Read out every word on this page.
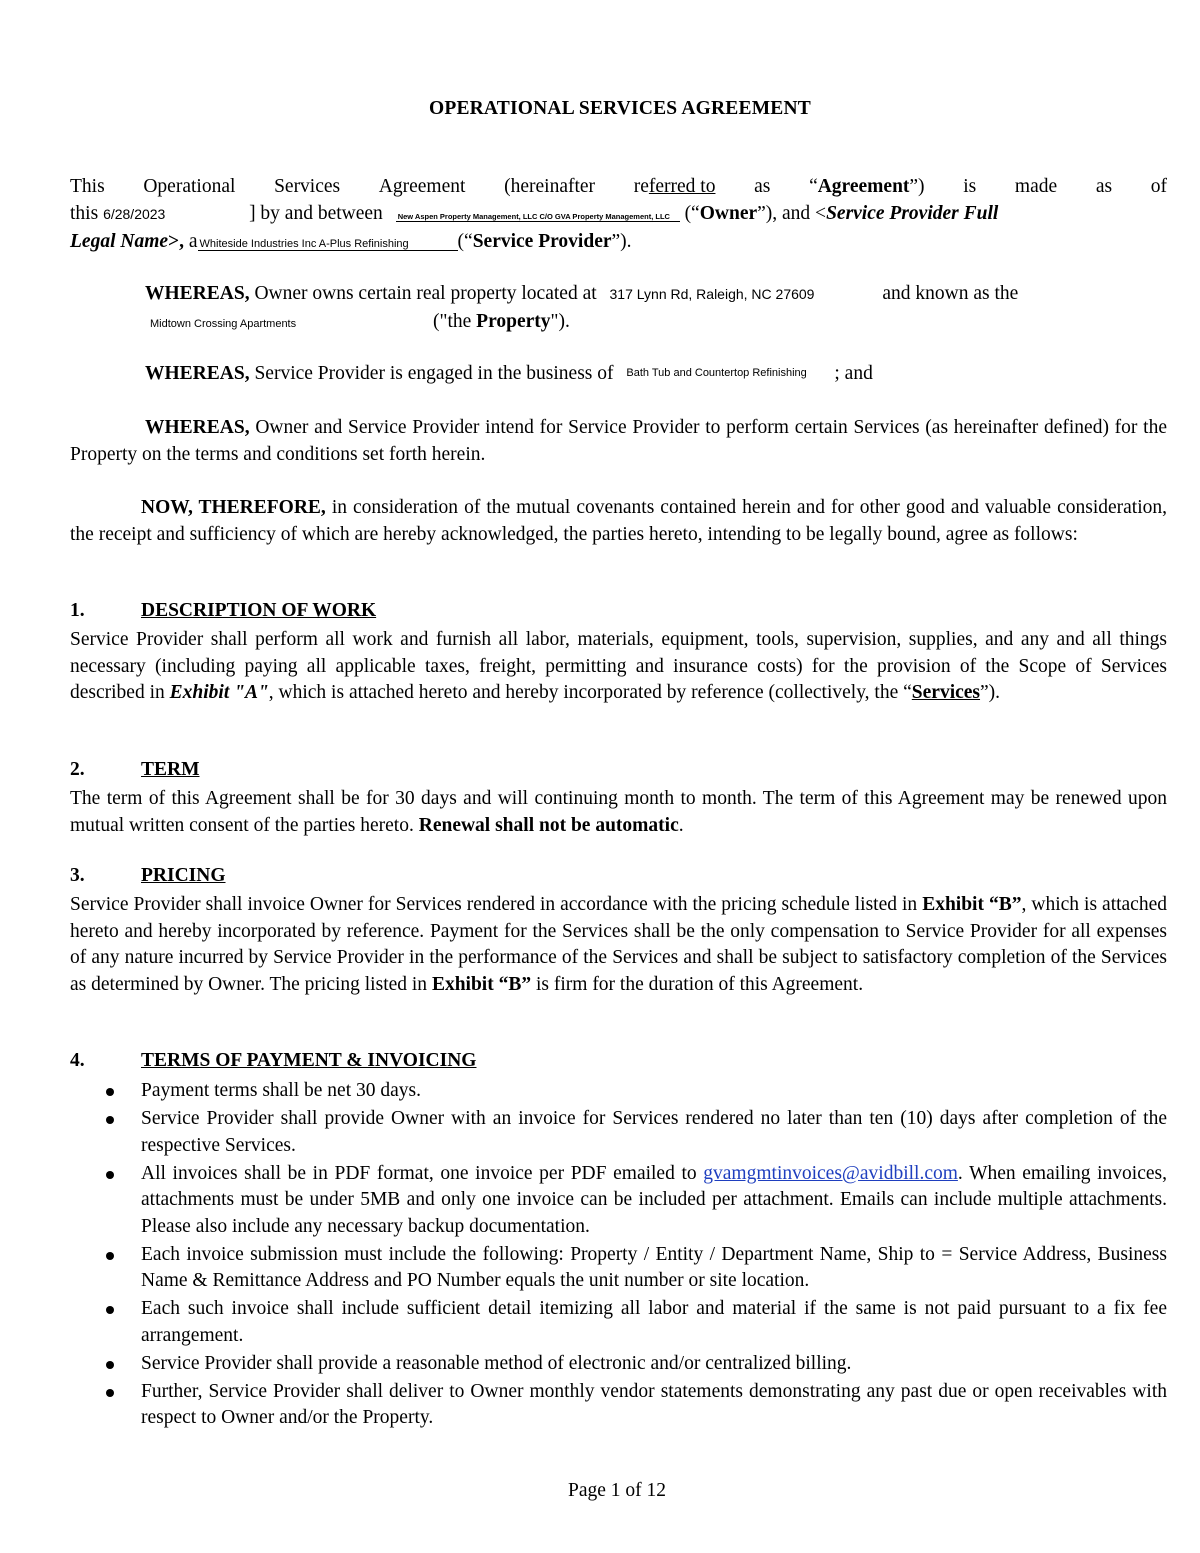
OPERATIONAL SERVICES AGREEMENT
This Operational Services Agreement (hereinafter referred to as “Agreement”) is made as of
this 6/28/2023	] by and between New Aspen Property Management, LLC C/O GVA Property Management, LLC (“Owner”), and <Service Provider Full
Legal Name>, a Whiteside Industries Inc A-Plus Refinishing	(“Service Provider”).
WHEREAS, Owner owns certain real property located at 317 Lynn Rd, Raleigh, NC 27609	and known as the
Midtown Crossing Apartments	("the Property").
WHEREAS, Service Provider is engaged in the business of Bath Tub and Countertop Refinishing ; and
WHEREAS, Owner and Service Provider intend for Service Provider to perform certain Services (as hereinafter defined) for the Property on the terms and conditions set forth herein.
NOW, THEREFORE, in consideration of the mutual covenants contained herein and for other good and valuable consideration, the receipt and sufficiency of which are hereby acknowledged, the parties hereto, intending to be legally bound, agree as follows:
1.	DESCRIPTION OF WORK
Service Provider shall perform all work and furnish all labor, materials, equipment, tools, supervision, supplies, and any and all things necessary (including paying all applicable taxes, freight, permitting and insurance costs) for the provision of the Scope of Services described in Exhibit "A", which is attached hereto and hereby incorporated by reference (collectively, the “Services”).
2.	TERM
The term of this Agreement shall be for 30 days and will continuing month to month. The term of this Agreement may be renewed upon mutual written consent of the parties hereto. Renewal shall not be automatic.
3.	PRICING
Service Provider shall invoice Owner for Services rendered in accordance with the pricing schedule listed in Exhibit “B”, which is attached hereto and hereby incorporated by reference. Payment for the Services shall be the only compensation to Service Provider for all expenses of any nature incurred by Service Provider in the performance of the Services and shall be subject to satisfactory completion of the Services as determined by Owner. The pricing listed in Exhibit “B” is firm for the duration of this Agreement.
4.	TERMS OF PAYMENT & INVOICING
Payment terms shall be net 30 days.
Service Provider shall provide Owner with an invoice for Services rendered no later than ten (10) days after completion of the respective Services.
All invoices shall be in PDF format, one invoice per PDF emailed to gvamgmtinvoices@avidbill.com. When emailing invoices, attachments must be under 5MB and only one invoice can be included per attachment. Emails can include multiple attachments. Please also include any necessary backup documentation.
Each invoice submission must include the following: Property / Entity / Department Name, Ship to = Service Address, Business Name & Remittance Address and PO Number equals the unit number or site location.
Each such invoice shall include sufficient detail itemizing all labor and material if the same is not paid pursuant to a fix fee arrangement.
Service Provider shall provide a reasonable method of electronic and/or centralized billing.
Further, Service Provider shall deliver to Owner monthly vendor statements demonstrating any past due or open receivables with respect to Owner and/or the Property.
Page 1 of 12
